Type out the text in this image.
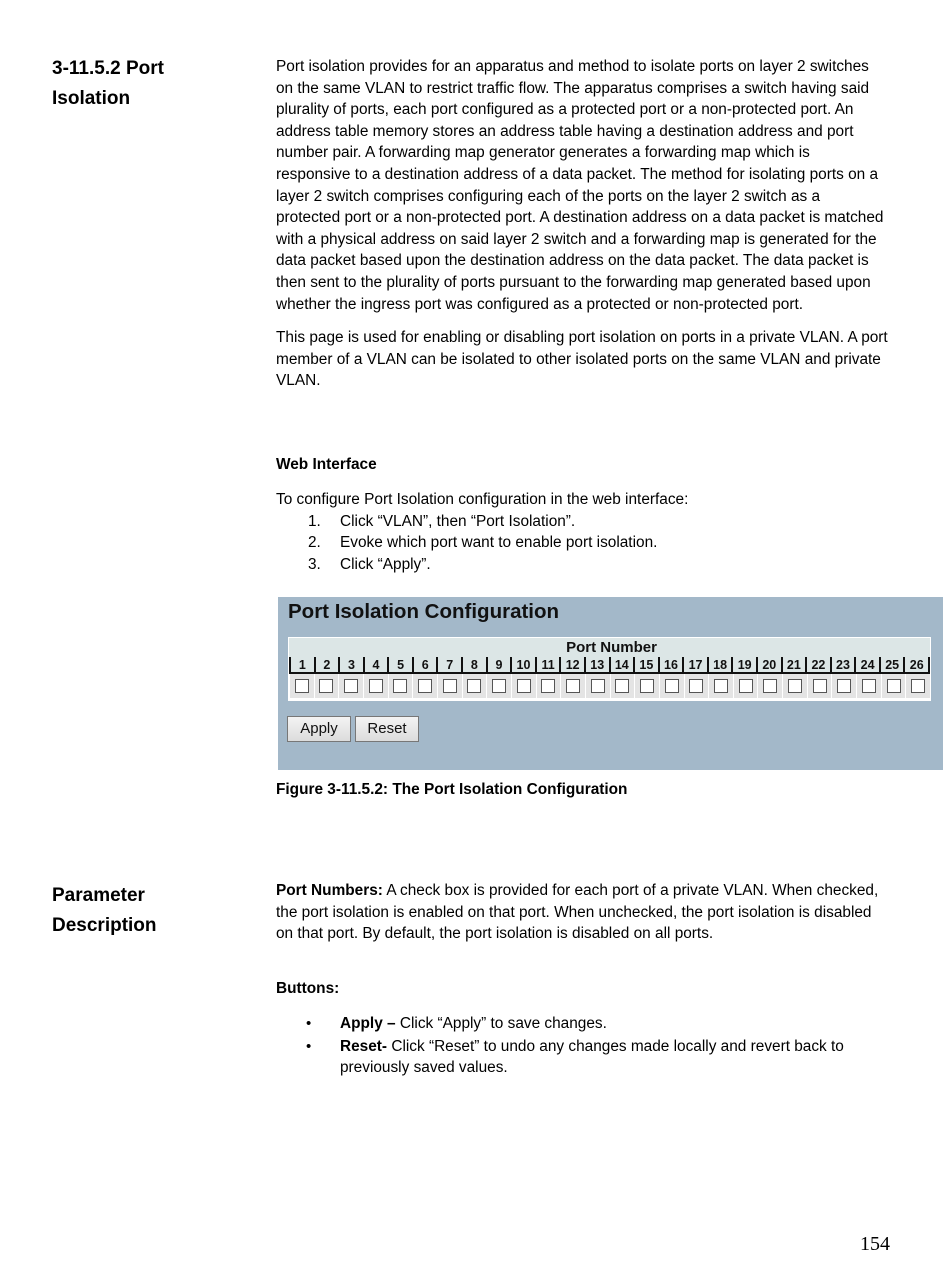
3-11.5.2 Port
Isolation

Port isolation provides for an apparatus and method to isolate ports on layer 2 switches on the same VLAN to restrict traffic flow. The apparatus comprises a switch having said plurality of ports, each port configured as a protected port or a non-protected port. An address table memory stores an address table having a destination address and port number pair. A forwarding map generator generates a forwarding map which is responsive to a destination address of a data packet. The method for isolating ports on a layer 2 switch comprises configuring each of the ports on the layer 2 switch as a protected port or a non-protected port. A destination address on a data packet is matched with a physical address on said layer 2 switch and a forwarding map is generated for the data packet based upon the destination address on the data packet. The data packet is then sent to the plurality of ports pursuant to the forwarding map generated based upon whether the ingress port was configured as a protected or non-protected port.

This page is used for enabling or disabling port isolation on ports in a private VLAN. A port member of a VLAN can be isolated to other isolated ports on the same VLAN and private VLAN.

Web Interface

To configure Port Isolation configuration in the web interface:

1.	Click “VLAN”, then “Port Isolation”.
2.	Evoke which port want to enable port isolation.
3.	Click “Apply”.
Port Isolation Configuration
Port Number
1	2	3	4	5	6	7	8	9	10 11 12 13 14 15 16 17 18 19 20 21 22 23 24 25 26
Apply	Reset
Figure 3-11.5.2: The Port Isolation Configuration
Parameter
Description

Port Numbers: A check box is provided for each port of a private VLAN. When checked, the port isolation is enabled on that port. When unchecked, the port isolation is disabled on that port. By default, the port isolation is disabled on all ports.

Buttons:
•	Apply – Click “Apply” to save changes.
•	Reset- Click “Reset” to undo any changes made locally and revert back to previously saved values.
154
